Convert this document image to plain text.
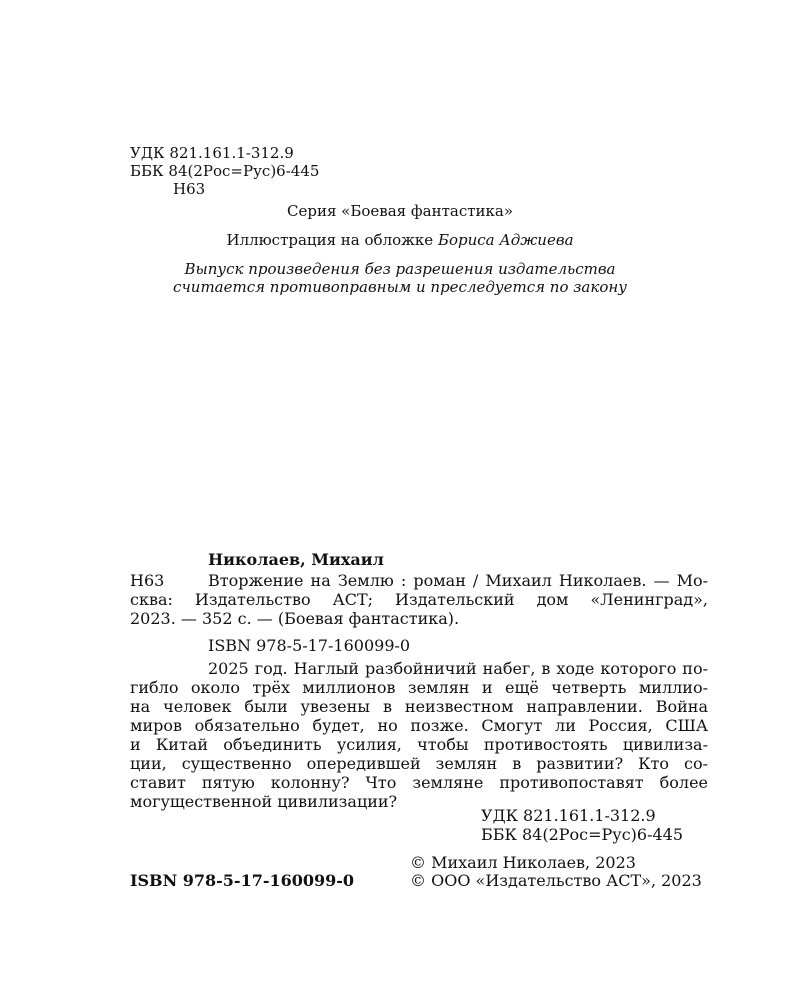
УДК 821.161.1-312.9
ББК 84(2Рос=Рус)6-445
Н63
Серия «Боевая фантастика»
Иллюстрация на обложке Бориса Аджиева
Выпуск произведения без разрешения издательства
считается противоправным и преследуется по закону
Николаев, Михаил
Н63	Вторжение на Землю : роман / Михаил Николаев. — Мо-
сква: Издательство АСТ; Издательский дом «Ленинград»,
2023. — 352 с. — (Боевая фантастика).
ISBN 978-5-17-160099-0
2025 год. Наглый разбойничий набег, в ходе которого по-
гибло около трёх миллионов землян и ещё четверть миллио-
на человек были увезены в неизвестном направлении. Война
миров обязательно будет, но позже. Смогут ли Россия, США
и Китай объединить усилия, чтобы противостоять цивилиза-
ции, существенно опередившей землян в развитии? Кто со-
ставит пятую колонну? Что земляне противопоставят более
могущественной цивилизации?
УДК 821.161.1-312.9
ББК 84(2Рос=Рус)6-445
© Михаил Николаев, 2023
ISBN 978-5-17-160099-0	© ООО «Издательство АСТ», 2023
